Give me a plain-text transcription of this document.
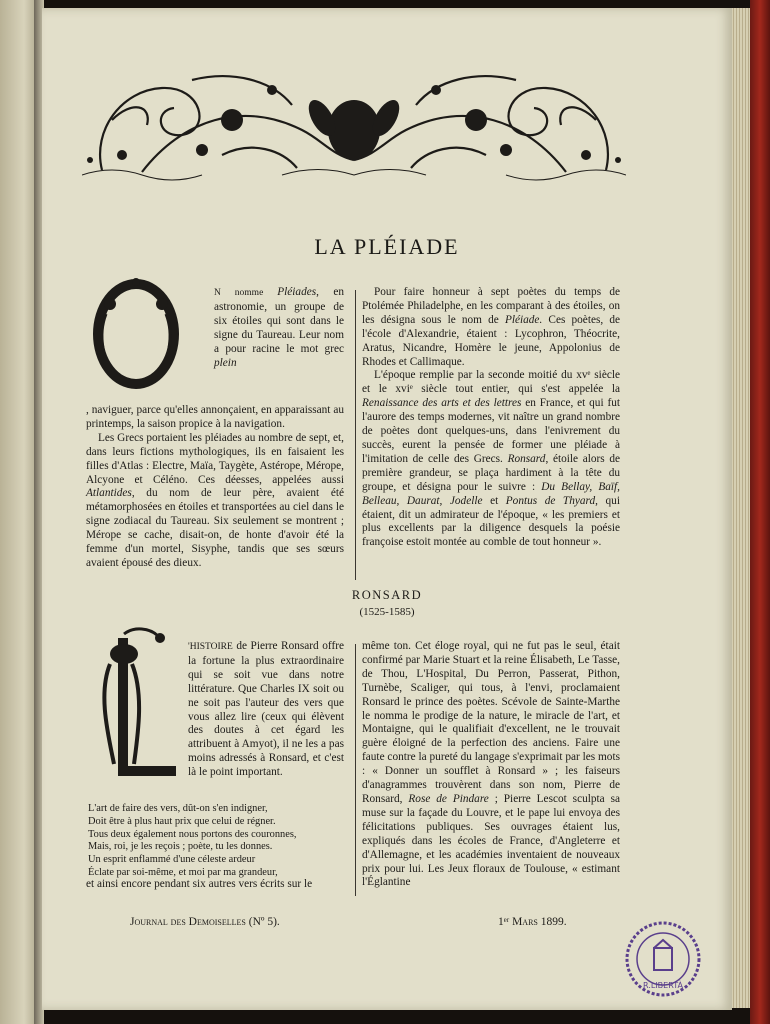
LA PLÉIADE

N nomme Pléiades, en astronomie, un groupe de six étoiles qui sont dans le signe du Taureau. Leur nom a pour racine le mot grec plein

, naviguer, parce qu'elles annonçaient, en apparaissant au printemps, la saison propice à la navigation.

Les Grecs portaient les pléiades au nombre de sept, et, dans leurs fictions mythologiques, ils en faisaient les filles d'Atlas : Electre, Maïa, Taygète, Astérope, Mérope, Alcyone et Céléno. Ces déesses, appelées aussi Atlantides, du nom de leur père, avaient été métamorphosées en étoiles et transportées au ciel dans le signe zodiacal du Taureau. Six seulement se montrent ; Mérope se cache, disait-on, de honte d'avoir été la femme d'un mortel, Sisyphe, tandis que ses sœurs avaient épousé des dieux.

Pour faire honneur à sept poètes du temps de Ptolémée Philadelphe, en les comparant à des étoiles, on les désigna sous le nom de Pléiade. Ces poètes, de l'école d'Alexandrie, étaient : Lycophron, Théocrite, Aratus, Nicandre, Homère le jeune, Appolonius de Rhodes et Callimaque.

L'époque remplie par la seconde moitié du xvᵉ siècle et le xviᵉ siècle tout entier, qui s'est appelée la Renaissance des arts et des lettres en France, et qui fut l'aurore des temps modernes, vit naître un grand nombre de poètes dont quelques-uns, dans l'enivrement du succès, eurent la pensée de former une pléiade à l'imitation de celle des Grecs. Ronsard, étoile alors de première grandeur, se plaça hardiment à la tête du groupe, et désigna pour le suivre : Du Bellay, Baïf, Belleau, Daurat, Jodelle et Pontus de Thyard, qui étaient, dit un admirateur de l'époque, « les premiers et plus excellents par la diligence desquels la poésie françoise estoit montée au comble de tout honneur ».

RONSARD
(1525-1585)

'HISTOIRE de Pierre Ronsard offre la fortune la plus extraordinaire qui se soit vue dans notre littérature. Que Charles IX soit ou ne soit pas l'auteur des vers que vous allez lire (ceux qui élèvent des doutes à cet égard les attribuent à Amyot), il ne les a pas moins adressés à Ronsard, et c'est là le point important.

L'art de faire des vers, dût-on s'en indigner,
Doit être à plus haut prix que celui de régner.
Tous deux également nous portons des couronnes,
Mais, roi, je les reçois ; poète, tu les donnes.
Un esprit enflammé d'une céleste ardeur
Éclate par soi-même, et moi par ma grandeur,
et ainsi encore pendant six autres vers écrits sur le

même ton. Cet éloge royal, qui ne fut pas le seul, était confirmé par Marie Stuart et la reine Élisabeth, Le Tasse, de Thou, L'Hospital, Du Perron, Passerat, Pithon, Turnèbe, Scaliger, qui tous, à l'envi, proclamaient Ronsard le prince des poètes. Scévole de Sainte-Marthe le nomma le prodige de la nature, le miracle de l'art, et Montaigne, qui le qualifiait d'excellent, ne le trouvait guère éloigné de la perfection des anciens. Faire une faute contre la pureté du langage s'exprimait par les mots : « Donner un soufflet à Ronsard » ; les faiseurs d'anagrammes trouvèrent dans son nom, Pierre de Ronsard, Rose de Pindare ; Pierre Lescot sculpta sa muse sur la façade du Louvre, et le pape lui envoya des félicitations publiques. Ses ouvrages étaient lus, expliqués dans les écoles de France, d'Angleterre et d'Allemagne, et les académies inventaient de nouveaux prix pour lui. Les Jeux floraux de Toulouse, « estimant l'Églantine

Journal des Demoiselles (Nº 5).	1ᵉʳ Mars 1899.
R.LIBERTÀ
